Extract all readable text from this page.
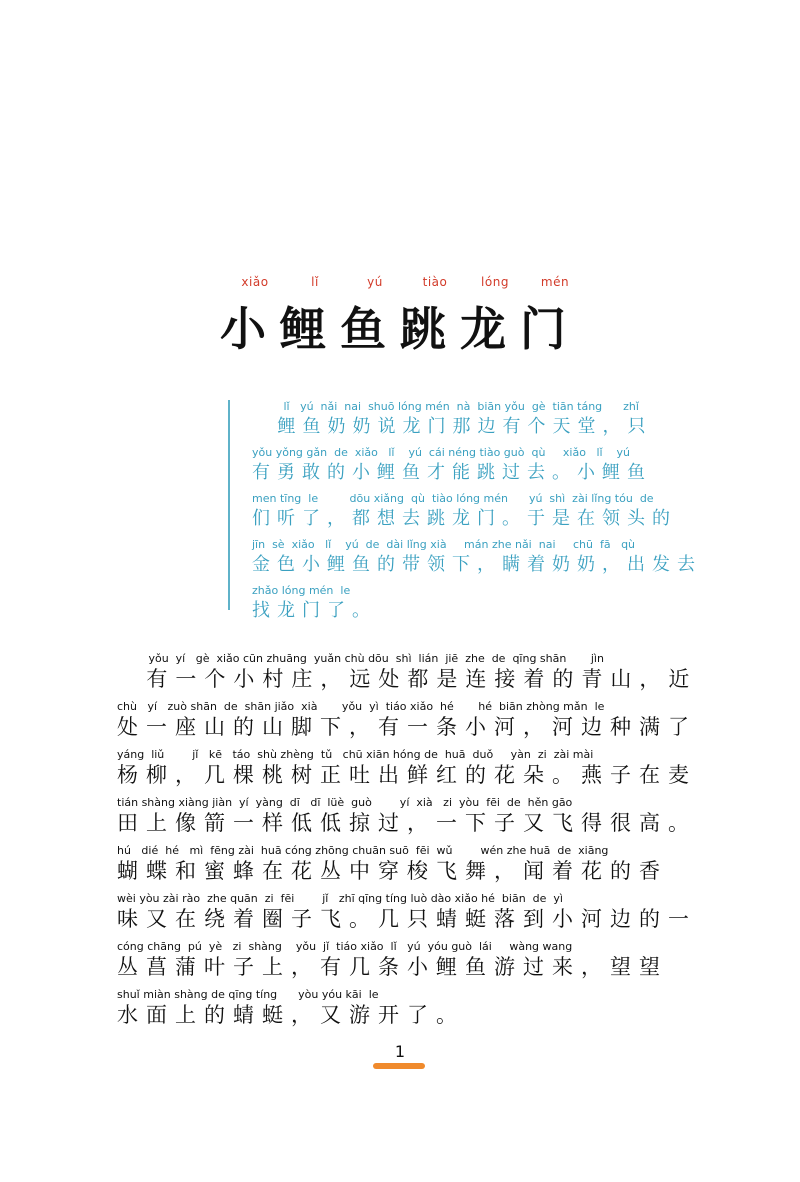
xiǎo	lǐ	yú	tiào	lóng	mén
小鲤鱼跳龙门
lǐ   yú  nǎi  nai  shuō lóng mén  nà  biān yǒu  gè  tiān táng      zhǐ
鲤鱼奶奶说龙门那边有个天堂，只
yǒu yǒng gǎn  de  xiǎo   lǐ    yú  cái néng tiào guò  qù     xiǎo   lǐ    yú
有勇敢的小鲤鱼才能跳过去。小鲤鱼
men tīng  le         dōu xiǎng  qù  tiào lóng mén      yú  shì  zài lǐng tóu  de
们听了，都想去跳龙门。于是在领头的
jīn  sè  xiǎo   lǐ    yú  de  dài lǐng xià     mán zhe nǎi  nai     chū  fā   qù
金色小鲤鱼的带领下，瞒着奶奶，出发去
zhǎo lóng mén  le
找龙门了。
yǒu  yí   gè  xiǎo cūn zhuāng  yuǎn chù dōu  shì  lián  jiē  zhe  de  qīng shān       jìn
有一个小村庄，远处都是连接着的青山，近
chù   yí   zuò shān  de  shān jiǎo  xià       yǒu  yì  tiáo xiǎo  hé       hé  biān zhòng mǎn  le
处一座山的山脚下，有一条小河，河边种满了
yáng  liǔ        jǐ   kē   táo  shù zhèng  tǔ   chū xiān hóng de  huā  duǒ     yàn  zi  zài mài
杨柳，几棵桃树正吐出鲜红的花朵。燕子在麦
tián shàng xiàng jiàn  yí  yàng  dī   dī  lüè  guò        yí  xià   zi  yòu  fēi  de  hěn gāo
田上像箭一样低低掠过，一下子又飞得很高。
hú   dié  hé   mì  fēng zài  huā cóng zhōng chuān suō  fēi  wǔ        wén zhe huā  de  xiāng
蝴蝶和蜜蜂在花丛中穿梭飞舞，闻着花的香
wèi yòu zài rào  zhe quān  zi  fēi        jǐ   zhī qīng tíng luò dào xiǎo hé  biān  de  yì
味又在绕着圈子飞。几只蜻蜓落到小河边的一
cóng chāng  pú  yè   zi  shàng    yǒu  jǐ  tiáo xiǎo  lǐ   yú  yóu guò  lái     wàng wang
丛菖蒲叶子上，有几条小鲤鱼游过来，望望
shuǐ miàn shàng de qīng tíng      yòu yóu kāi  le
水面上的蜻蜓，又游开了。
1
